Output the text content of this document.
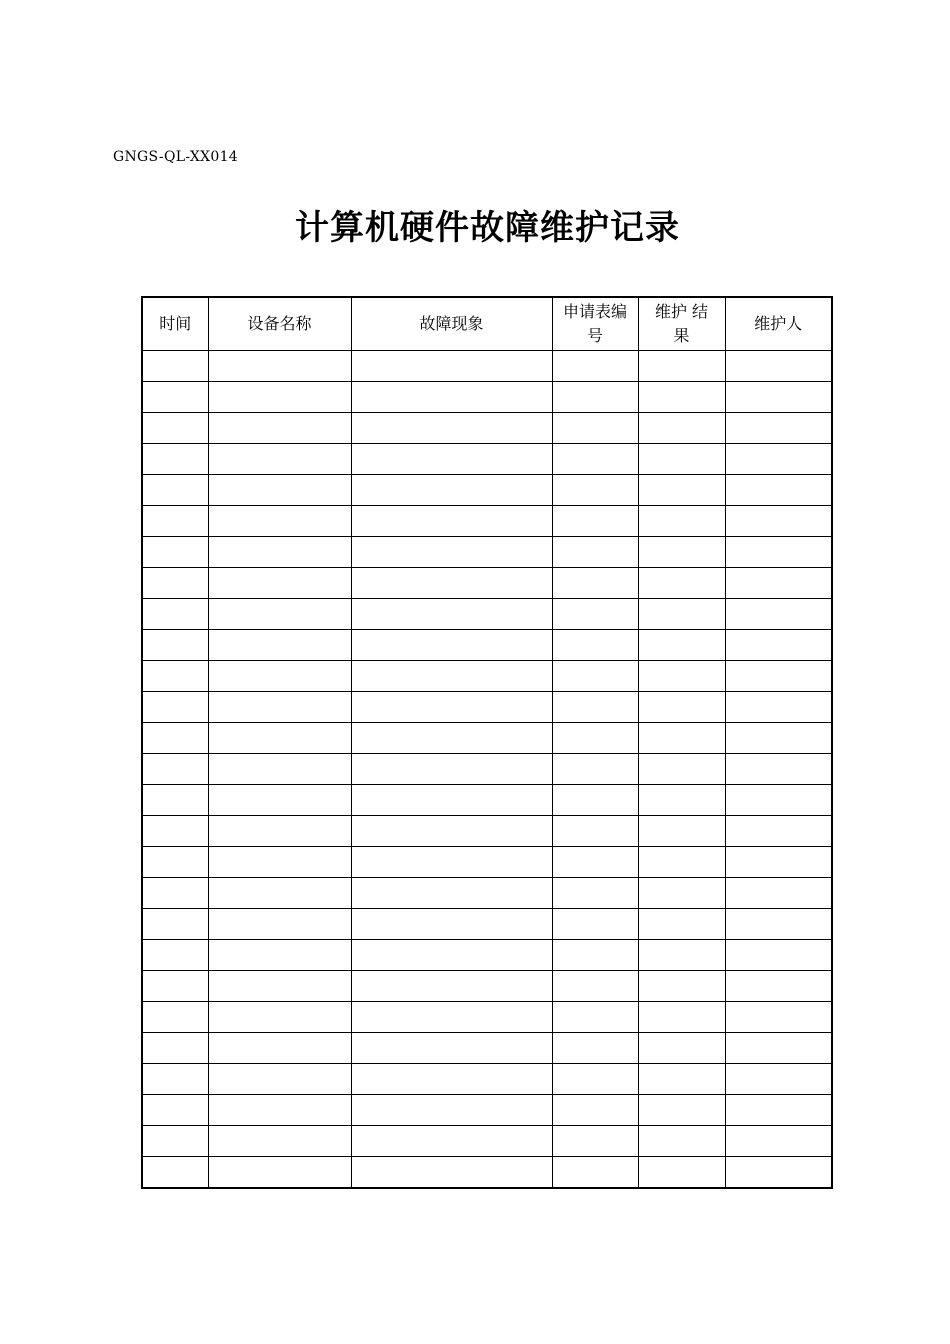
GNGS-QL-XX014
计算机硬件故障维护记录
时间	设备名称	故障现象	申请表编号	维护 结果	维护人
